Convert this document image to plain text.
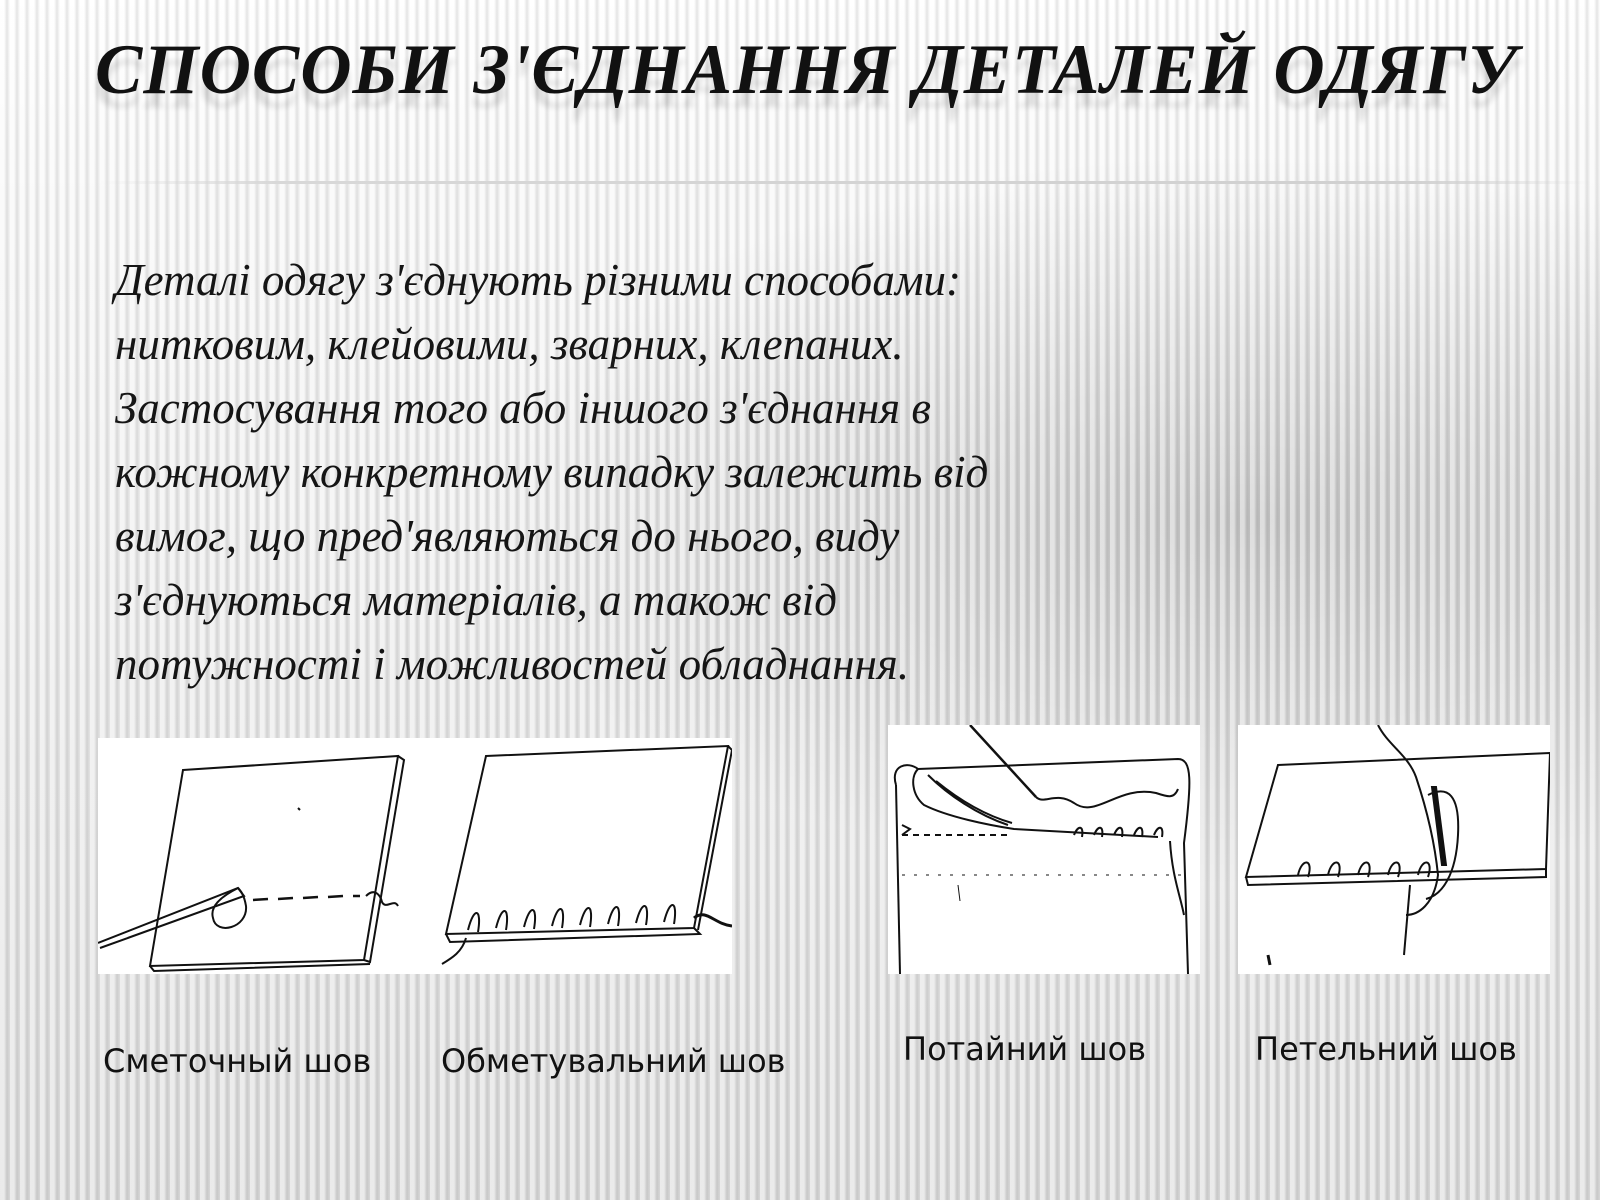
СПОСОБИ З'ЄДНАННЯ ДЕТАЛЕЙ ОДЯГУ
Деталі одягу з'єднують різними способами:
нитковим, клейовими, зварних, клепаних.
Застосування того або іншого з'єднання в
кожному конкретному випадку залежить від
вимог, що пред'являються до нього, виду
з'єднуються матеріалів, а також від
потужності і можливостей обладнання.
Сметочный шов Обметувальний шов	Потайний шов	Петельний шов
